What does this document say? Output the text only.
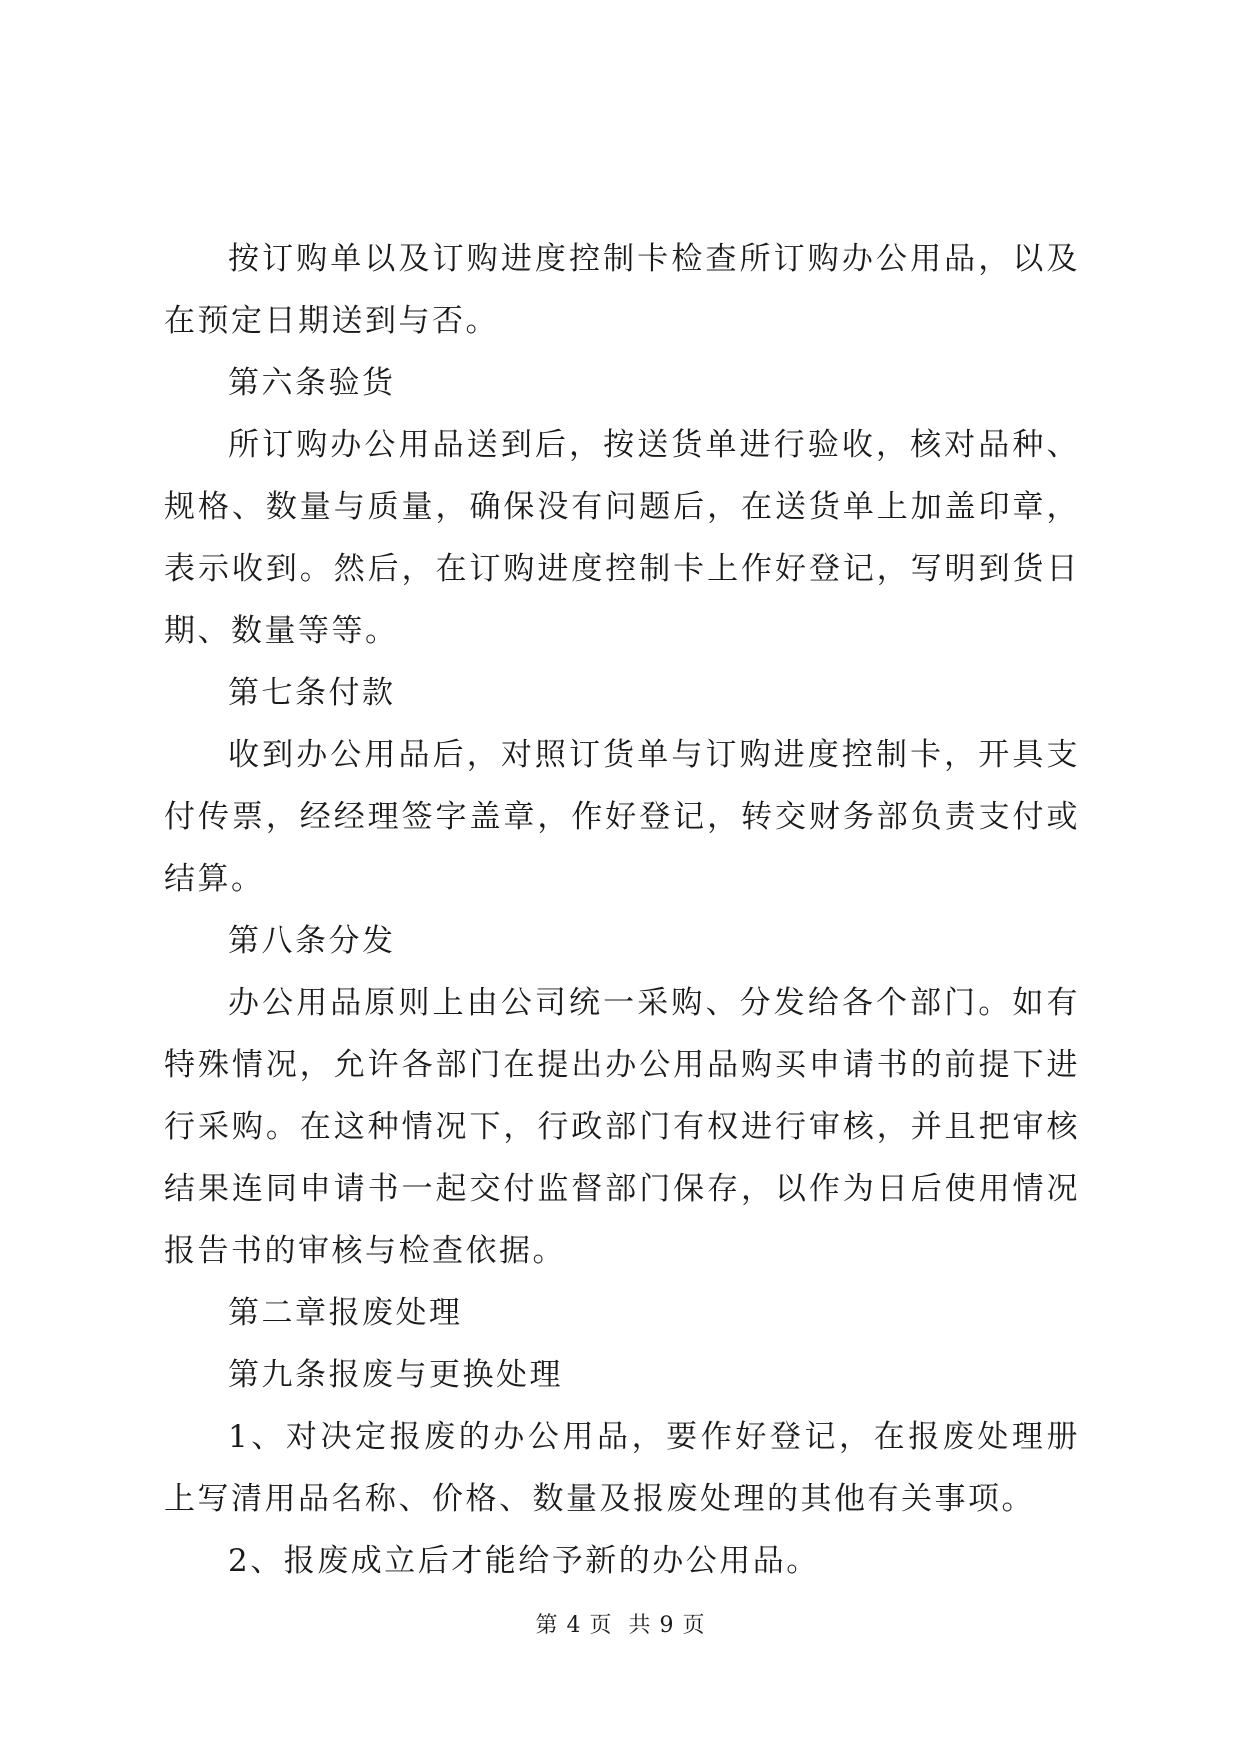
按订购单以及订购进度控制卡检查所订购办公用品，以及在预定日期送到与否。

第六条验货

所订购办公用品送到后，按送货单进行验收，核对品种、规格、数量与质量，确保没有问题后，在送货单上加盖印章，表示收到。然后，在订购进度控制卡上作好登记，写明到货日期、数量等等。

第七条付款

收到办公用品后，对照订货单与订购进度控制卡，开具支付传票，经经理签字盖章，作好登记，转交财务部负责支付或结算。

第八条分发

办公用品原则上由公司统一采购、分发给各个部门。如有特殊情况，允许各部门在提出办公用品购买申请书的前提下进行采购。在这种情况下，行政部门有权进行审核，并且把审核结果连同申请书一起交付监督部门保存，以作为日后使用情况报告书的审核与检查依据。

第二章报废处理

第九条报废与更换处理

1、对决定报废的办公用品，要作好登记，在报废处理册上写清用品名称、价格、数量及报废处理的其他有关事项。

2、报废成立后才能给予新的办公用品。

第 4 页  共 9 页
